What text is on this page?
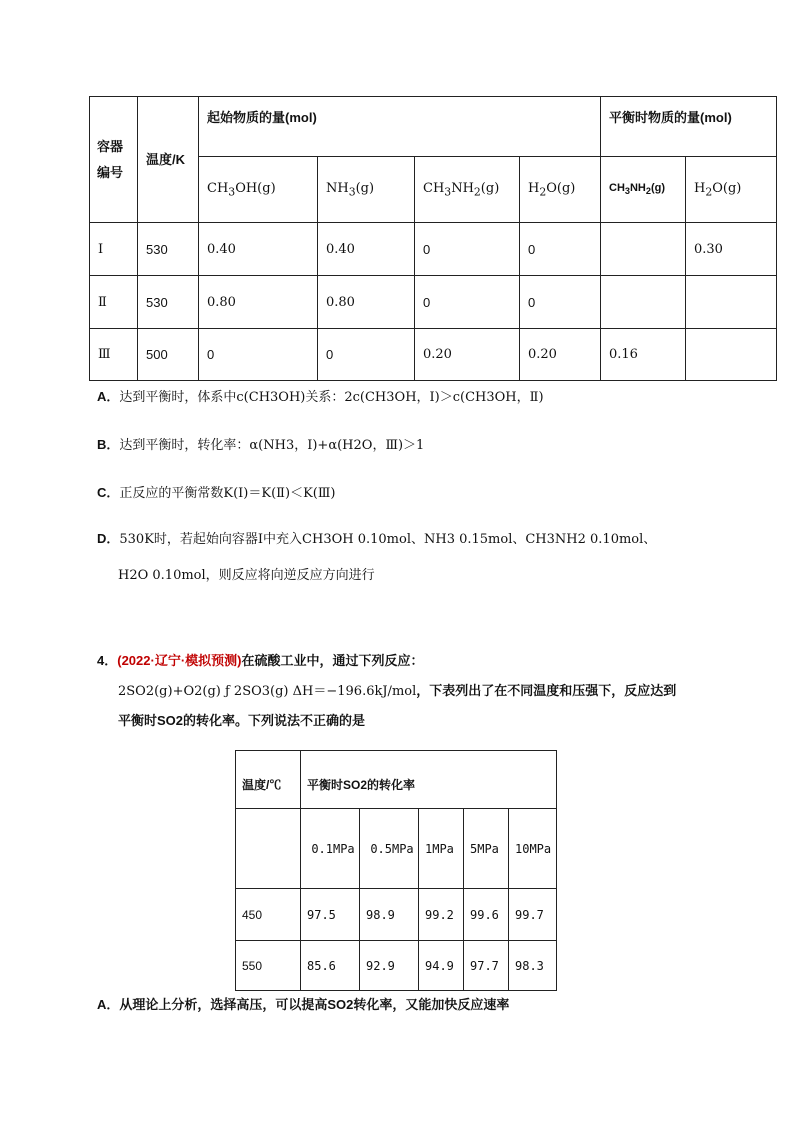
容器编号	温度/K	起始物质的量(mol)				平衡时物质的量(mol)	
		$CH_3OH(g)$	$NH_3(g)$	$CH_3NH_2(g)$	$H_2O(g)$	$CH_3NH_2(g)$	$H_2O(g)$
Ⅰ	530	0.40	0.40	0	0		0.30
Ⅱ	530	0.80	0.80	0	0		
Ⅲ	500	0	0	0.20	0.20	0.16	
A．达到平衡时，体系中c(CH3OH)关系：2c(CH3OH，Ⅰ)＞c(CH3OH，Ⅱ)
B．达到平衡时，转化率：α(NH3，Ⅰ)+α(H2O，Ⅲ)＞1
C．正反应的平衡常数K(Ⅰ)＝K(Ⅱ)＜K(Ⅲ)
D．530K时，若起始向容器Ⅰ中充入CH3OH 0.10mol、NH3 0.15mol、CH3NH2 0.10mol、
H2O 0.10mol，则反应将向逆反应方向进行
4．(2022·辽宁·模拟预测)在硫酸工业中，通过下列反应：
2SO2(g)+O2(g) ƒ 2SO3(g) ΔH＝−196.6kJ/mol，下表列出了在不同温度和压强下，反应达到
平衡时SO2的转化率。下列说法不正确的是
温度/℃	平衡时SO2的转化率				
	0.1MPa	0.5MPa	1MPa	5MPa	10MPa
450	97.5	98.9	99.2	99.6	99.7
550	85.6	92.9	94.9	97.7	98.3
A．从理论上分析，选择高压，可以提高SO2转化率，又能加快反应速率
